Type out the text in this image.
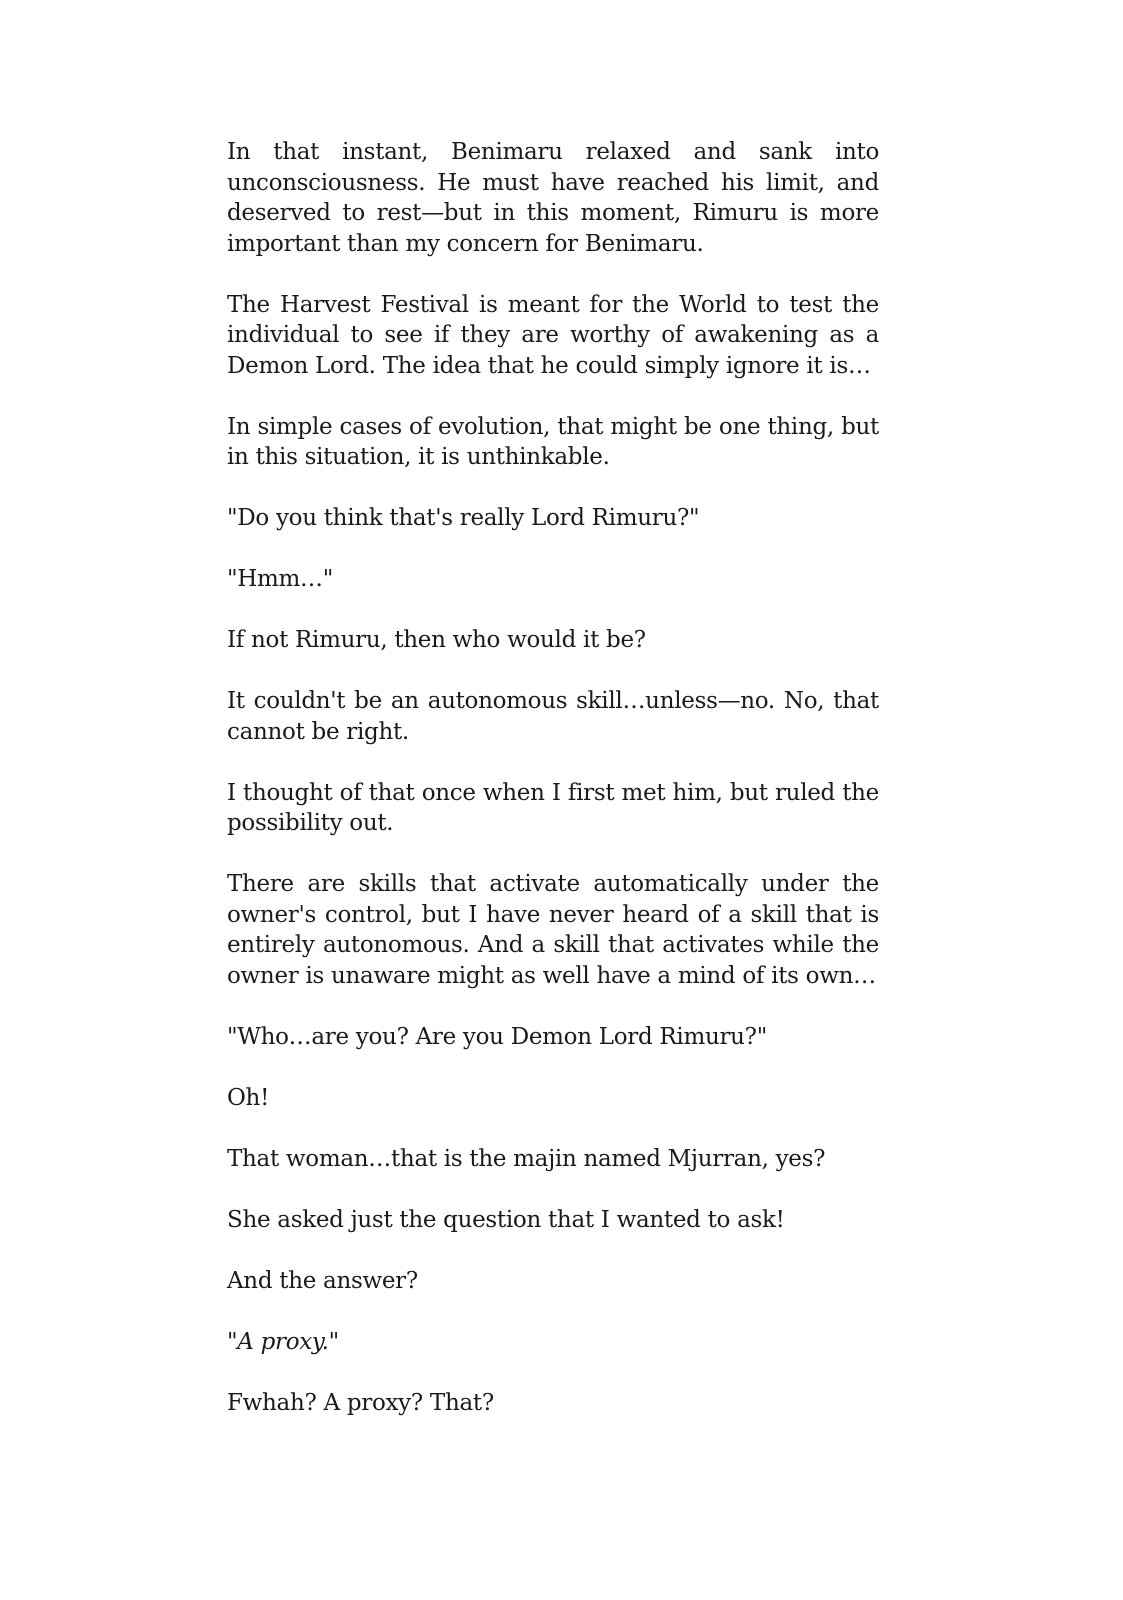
In that instant, Benimaru relaxed and sank into unconsciousness. He must have reached his limit, and deserved to rest—but in this moment, Rimuru is more important than my concern for Benimaru.

The Harvest Festival is meant for the World to test the individual to see if they are worthy of awakening as a Demon Lord. The idea that he could simply ignore it is…

In simple cases of evolution, that might be one thing, but in this situation, it is unthinkable.

"Do you think that's really Lord Rimuru?"

"Hmm…"

If not Rimuru, then who would it be?

It couldn't be an autonomous skill…unless—no. No, that cannot be right.

I thought of that once when I first met him, but ruled the possibility out.

There are skills that activate automatically under the owner's control, but I have never heard of a skill that is entirely autonomous. And a skill that activates while the owner is unaware might as well have a mind of its own…

"Who…are you? Are you Demon Lord Rimuru?"

Oh!

That woman…that is the majin named Mjurran, yes?

She asked just the question that I wanted to ask!

And the answer?

"A proxy."

Fwhah? A proxy? That?
